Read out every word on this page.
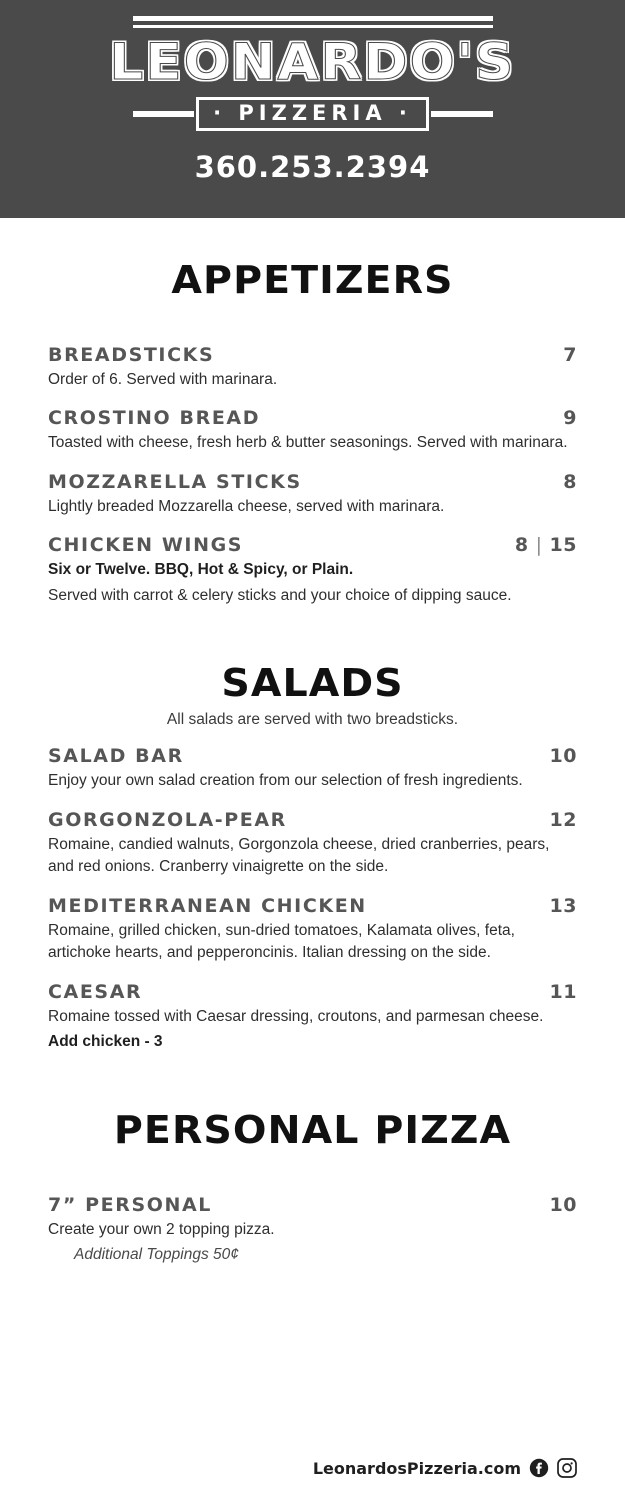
LEONARDO'S
· PIZZERIA ·
360.253.2394
APPETIZERS
BREADSTICKS	7
Order of 6. Served with marinara.
CROSTINO BREAD	9
Toasted with cheese, fresh herb & butter seasonings. Served with marinara.
MOZZARELLA STICKS	8
Lightly breaded Mozzarella cheese, served with marinara.
CHICKEN WINGS	8 | 15
Six or Twelve. BBQ, Hot & Spicy, or Plain.
Served with carrot & celery sticks and your choice of dipping sauce.
SALADS

All salads are served with two breadsticks.

SALAD BAR	10
Enjoy your own salad creation from our selection of fresh ingredients.
GORGONZOLA-PEAR	12
Romaine, candied walnuts, Gorgonzola cheese, dried cranberries, pears, and red onions. Cranberry vinaigrette on the side.
MEDITERRANEAN CHICKEN	13
Romaine, grilled chicken, sun-dried tomatoes, Kalamata olives, feta, artichoke hearts, and pepperoncinis. Italian dressing on the side.
CAESAR	11
Romaine tossed with Caesar dressing, croutons, and parmesan cheese.
Add chicken - 3
PERSONAL PIZZA
7” PERSONAL	10
Create your own 2 topping pizza.
Additional Toppings 50¢
LeonardosPizzeria.com
